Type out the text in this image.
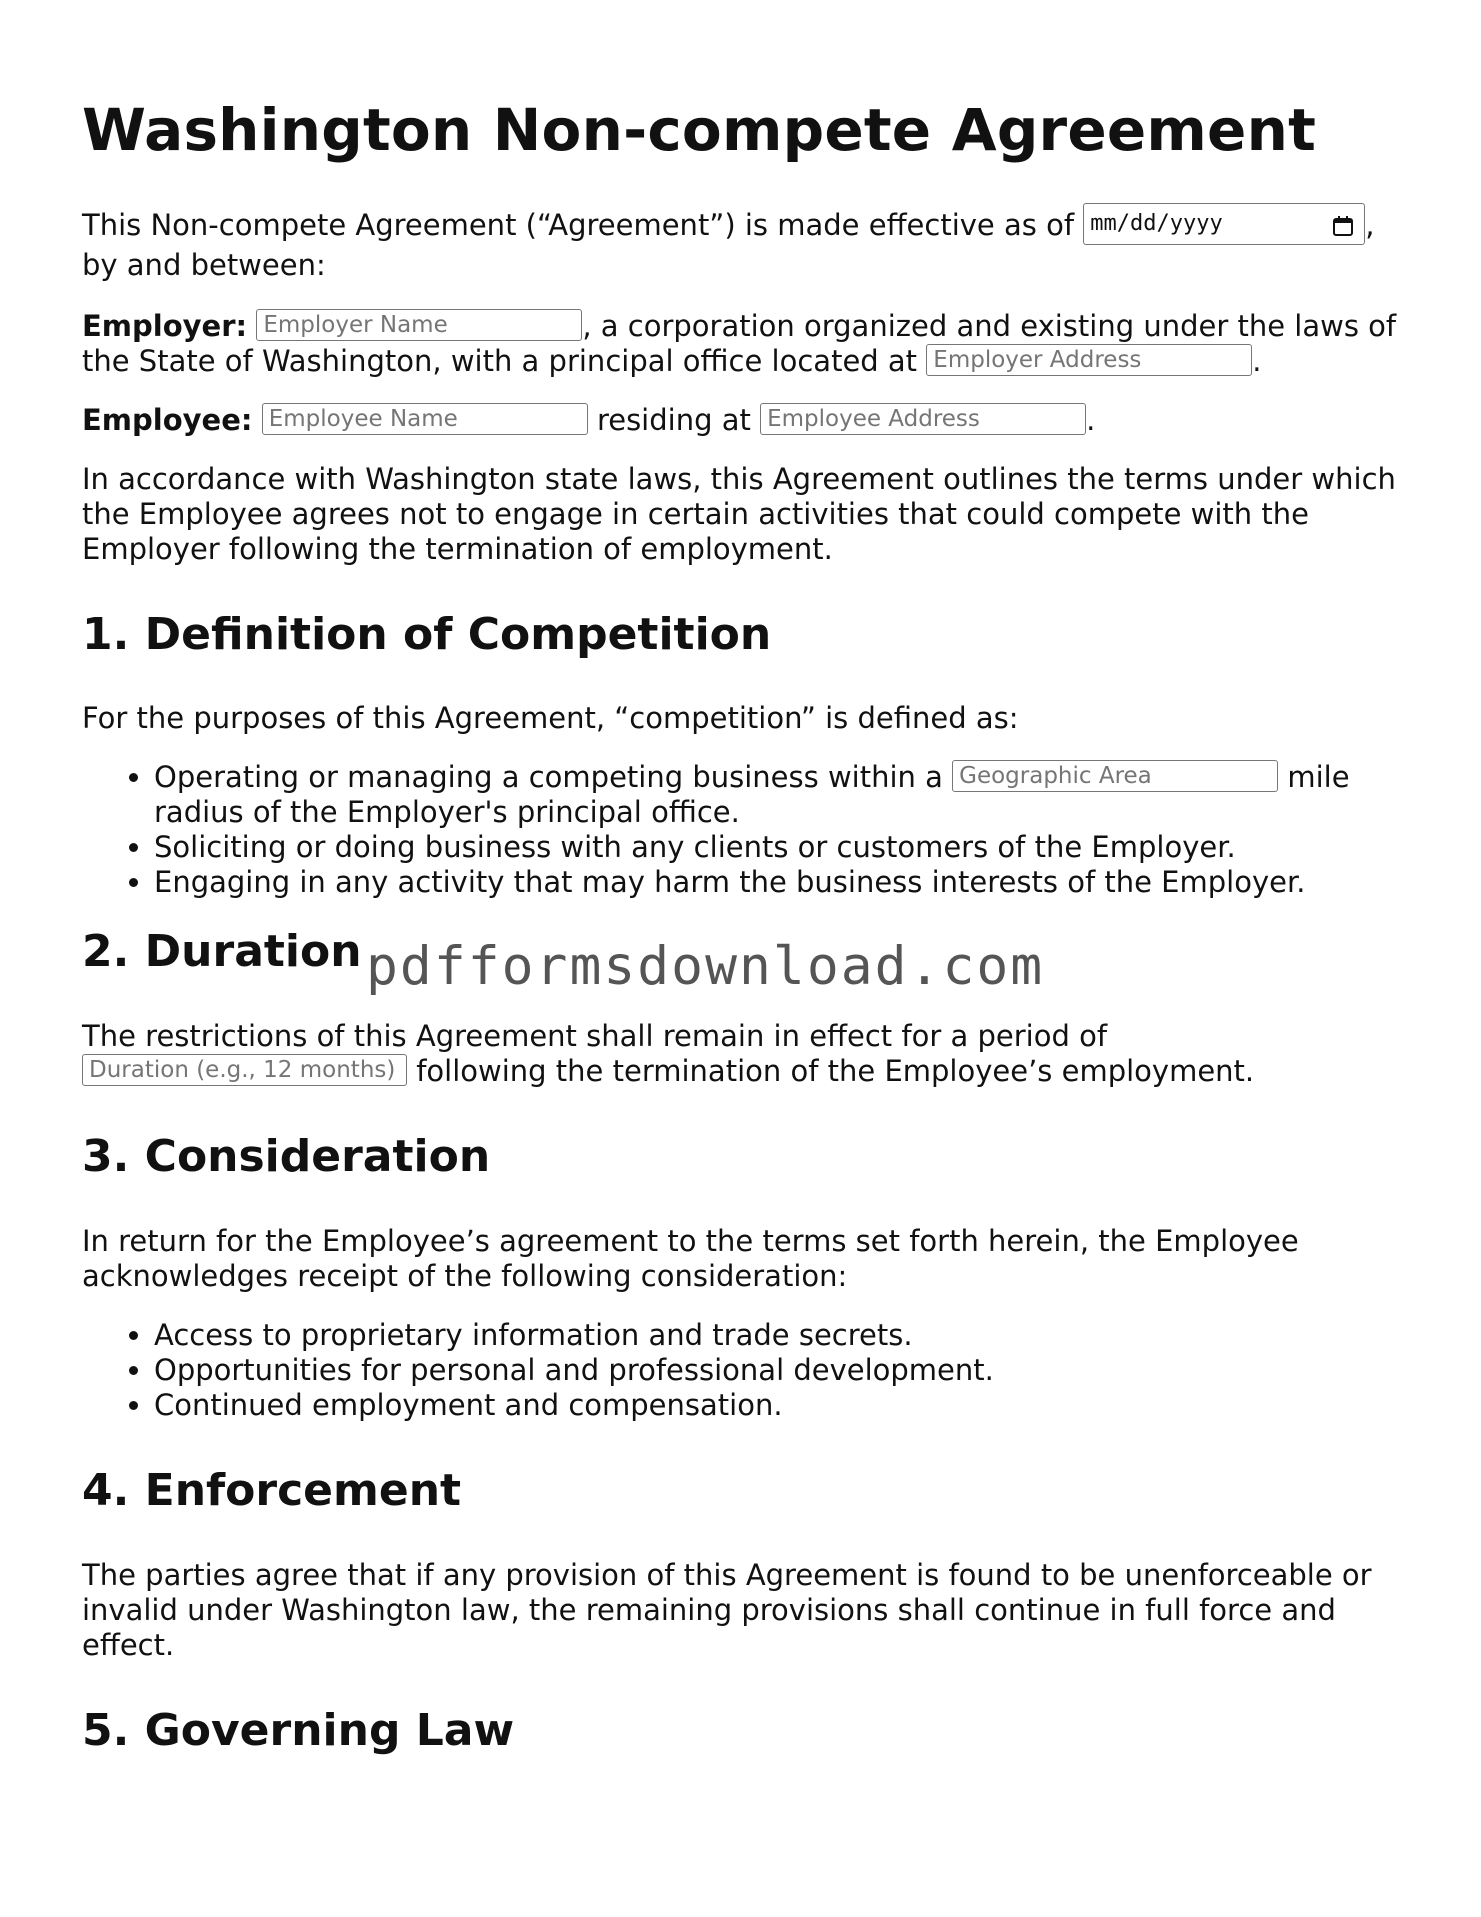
Washington Non-compete Agreement

This Non-compete Agreement (“Agreement”) is made effective as of mm/dd/yyyy	,
by and between:

Employer: Employer Name	, a corporation organized and existing under the laws of the State of Washington, with a principal office located at Employer Address	.

Employee: Employee Name	residing at Employee Address	.

In accordance with Washington state laws, this Agreement outlines the terms under which the Employee agrees not to engage in certain activities that could compete with the Employer following the termination of employment.

1. Definition of Competition

For the purposes of this Agreement, “competition” is defined as:

• Operating or managing a competing business within a Geographic Area	mile radius of the Employer's principal office.
• Soliciting or doing business with any clients or customers of the Employer.
• Engaging in any activity that may harm the business interests of the Employer.
2. Duration

The restrictions of this Agreement shall remain in effect for a period of
Duration (e.g., 12 months) following the termination of the Employee’s employment.

3. Consideration

In return for the Employee’s agreement to the terms set forth herein, the Employee acknowledges receipt of the following consideration:

• Access to proprietary information and trade secrets.
• Opportunities for personal and professional development.
• Continued employment and compensation.
4. Enforcement

The parties agree that if any provision of this Agreement is found to be unenforceable or invalid under Washington law, the remaining provisions shall continue in full force and effect.

5. Governing Law
pdfformsdownload.com
